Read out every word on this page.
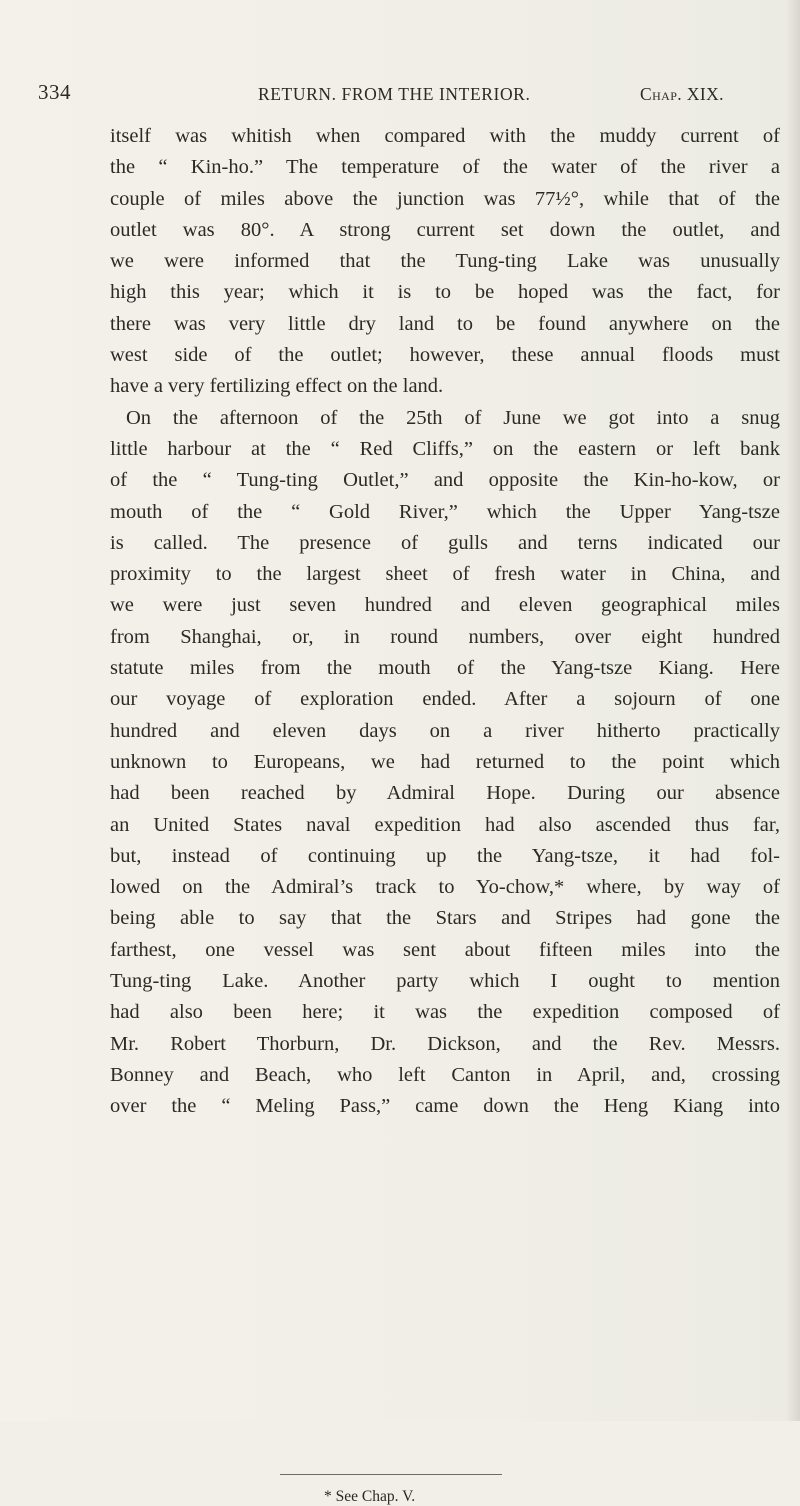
334	RETURN. FROM THE INTERIOR.	Chap. XIX.
itself was whitish when compared with the muddy current of
the “ Kin-ho.” The temperature of the water of the river a
couple of miles above the junction was 77½°, while that of the
outlet was 80°. A strong current set down the outlet, and
we were informed that the Tung-ting Lake was unusually
high this year; which it is to be hoped was the fact, for
there was very little dry land to be found anywhere on the
west side of the outlet; however, these annual floods must
have a very fertilizing effect on the land.
On the afternoon of the 25th of June we got into a snug
little harbour at the “ Red Cliffs,” on the eastern or left bank
of the “ Tung-ting Outlet,” and opposite the Kin-ho-kow, or
mouth of the “ Gold River,” which the Upper Yang-tsze
is called. The presence of gulls and terns indicated our
proximity to the largest sheet of fresh water in China, and
we were just seven hundred and eleven geographical miles
from Shanghai, or, in round numbers, over eight hundred
statute miles from the mouth of the Yang-tsze Kiang. Here
our voyage of exploration ended. After a sojourn of one
hundred and eleven days on a river hitherto practically
unknown to Europeans, we had returned to the point which
had been reached by Admiral Hope. During our absence
an United States naval expedition had also ascended thus far,
but, instead of continuing up the Yang-tsze, it had fol-
lowed on the Admiral’s track to Yo-chow,* where, by way of
being able to say that the Stars and Stripes had gone the
farthest, one vessel was sent about fifteen miles into the
Tung-ting Lake. Another party which I ought to mention
had also been here; it was the expedition composed of
Mr. Robert Thorburn, Dr. Dickson, and the Rev. Messrs.
Bonney and Beach, who left Canton in April, and, crossing
over the “ Meling Pass,” came down the Heng Kiang into
* See Chap. V.
